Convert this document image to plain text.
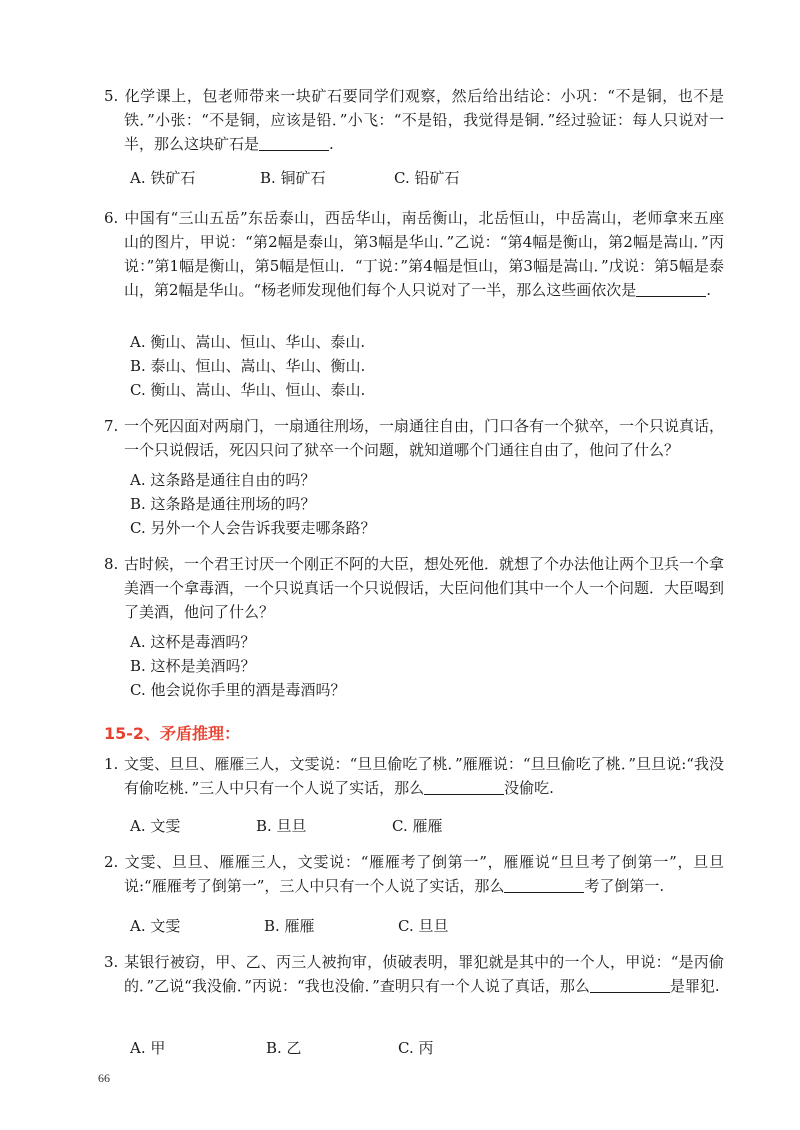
5. 化学课上，包老师带来一块矿石要同学们观察，然后给出结论：小巩：“不是铜，也不是铁．”小张：“不是铜，应该是铅．”小飞：“不是铅，我觉得是铜．”经过验证：每人只说对一半，那么这块矿石是	.

A. 铁矿石	B. 铜矿石	C. 铅矿石

6. 中国有“三山五岳”东岳泰山，西岳华山，南岳衡山，北岳恒山，中岳嵩山，老师拿来五座山的图片，甲说：“第2幅是泰山，第3幅是华山．”乙说：“第4幅是衡山，第2幅是嵩山．”丙说：”第1幅是衡山，第5幅是恒山．“丁说：”第4幅是恒山，第3幅是嵩山．”戊说：第5幅是泰山，第2幅是华山。“杨老师发现他们每个人只说对了一半，那么这些画依次是	.

A. 衡山、嵩山、恒山、华山、泰山.
B. 泰山、恒山、嵩山、华山、衡山.
C. 衡山、嵩山、华山、恒山、泰山.

7. 一个死囚面对两扇门，一扇通往刑场，一扇通往自由，门口各有一个狱卒，一个只说真话，一个只说假话，死囚只问了狱卒一个问题，就知道哪个门通往自由了，他问了什么？

A. 这条路是通往自由的吗？
B. 这条路是通往刑场的吗？
C. 另外一个人会告诉我要走哪条路？

8. 古时候，一个君王讨厌一个刚正不阿的大臣，想处死他．就想了个办法他让两个卫兵一个拿美酒一个拿毒酒，一个只说真话一个只说假话，大臣问他们其中一个人一个问题．大臣喝到了美酒，他问了什么？

A. 这杯是毒酒吗？
B. 这杯是美酒吗？
C. 他会说你手里的酒是毒酒吗？
15-2、矛盾推理：

1. 文雯、旦旦、雁雁三人，文雯说：“旦旦偷吃了桃．”雁雁说：“旦旦偷吃了桃．”旦旦说:“我没有偷吃桃．”三人中只有一个人说了实话，那么	没偷吃.

A. 文雯	B. 旦旦	C. 雁雁

2. 文雯、旦旦、雁雁三人，文雯说：“雁雁考了倒第一”，雁雁说“旦旦考了倒第一”，旦旦说:“雁雁考了倒第一”，三人中只有一个人说了实话，那么	考了倒第一.

A. 文雯	B. 雁雁	C. 旦旦

3. 某银行被窃，甲、乙、丙三人被拘审，侦破表明，罪犯就是其中的一个人，甲说：“是丙偷的．”乙说“我没偷．”丙说：“我也没偷．”查明只有一个人说了真话，那么	是罪犯.

A. 甲	B. 乙	C. 丙
66
